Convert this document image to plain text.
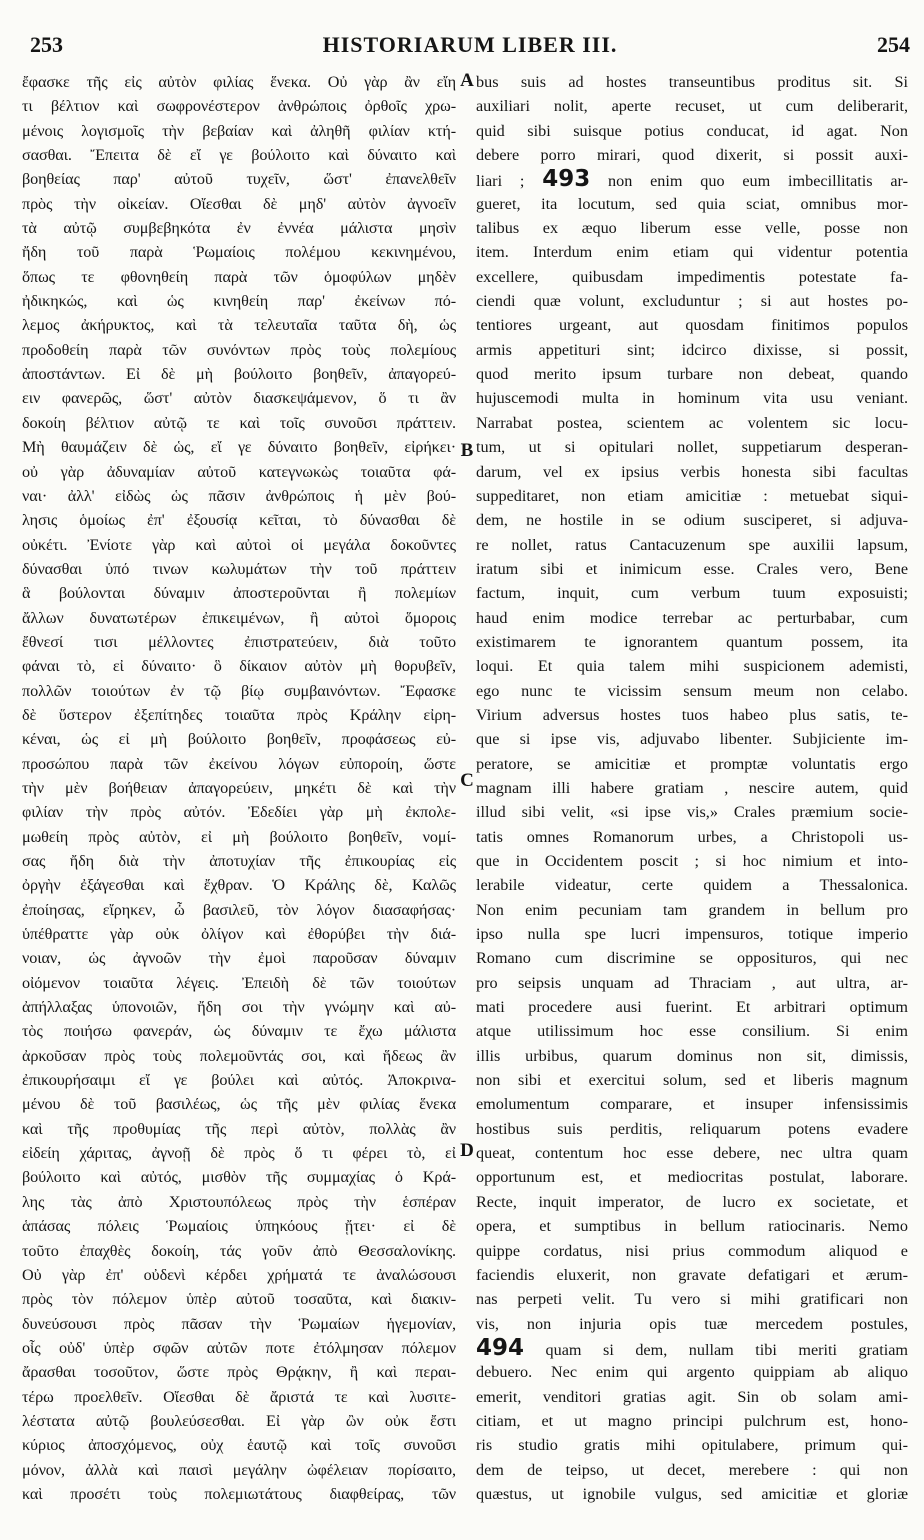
253	HISTORIARUM LIBER III.	254
ἔφασκε τῆς εἰς αὐτὸν φιλίας ἕνεκα. Οὐ γὰρ ἂν εἴη
τι βέλτιον καὶ σωφρονέστερον ἀνθρώποις ὀρθοῖς χρω-
μένοις λογισμοῖς τὴν βεβαίαν καὶ ἀληθῆ φιλίαν κτή-
σασθαι. Ἔπειτα δὲ εἴ γε βούλοιτο καὶ δύναιτο καὶ
βοηθείας παρ' αὐτοῦ τυχεῖν, ὥστ' ἐπανελθεῖν
πρὸς τὴν οἰκείαν. Οἴεσθαι δὲ μηδ' αὐτὸν ἀγνοεῖν
τὰ αὐτῷ συμβεβηκότα ἐν ἐννέα μάλιστα μησὶν
ἤδη τοῦ παρὰ Ῥωμαίοις πολέμου κεκινημένου,
ὅπως τε φθονηθείη παρὰ τῶν ὁμοφύλων μηδὲν
ἠδικηκώς, καὶ ὡς κινηθείη παρ' ἐκείνων πό-
λεμος ἀκήρυκτος, καὶ τὰ τελευταῖα ταῦτα δὴ, ὡς
προδοθείη παρὰ τῶν συνόντων πρὸς τοὺς πολεμίους
ἀποστάντων. Εἰ δὲ μὴ βούλοιτο βοηθεῖν, ἀπαγορεύ-
ειν φανερῶς, ὥστ' αὐτὸν διασκεψάμενον, ὅ τι ἂν
δοκοίη βέλτιον αὐτῷ τε καὶ τοῖς συνοῦσι πράττειν.
Μὴ θαυμάζειν δὲ ὡς, εἴ γε δύναιτο βοηθεῖν, εἰρήκει·
οὐ γὰρ ἀδυναμίαν αὐτοῦ κατεγνωκὼς τοιαῦτα φά-
ναι· ἀλλ' εἰδὼς ὡς πᾶσιν ἀνθρώποις ἡ μὲν βού-
λησις ὁμοίως ἐπ' ἐξουσίᾳ κεῖται, τὸ δύνασθαι δὲ
οὐκέτι. Ἐνίοτε γὰρ καὶ αὐτοὶ οἱ μεγάλα δοκοῦντες
δύνασθαι ὑπό τινων κωλυμάτων τὴν τοῦ πράττειν
ἃ βούλονται δύναμιν ἀποστεροῦνται ἢ πολεμίων
ἄλλων δυνατωτέρων ἐπικειμένων, ἢ αὐτοὶ ὅμοροις
ἔθνεσί τισι μέλλοντες ἐπιστρατεύειν, διὰ τοῦτο
φάναι τὸ, εἰ δύναιτο· ὃ δίκαιον αὐτὸν μὴ θορυβεῖν,
πολλῶν τοιούτων ἐν τῷ βίῳ συμβαινόντων. Ἔφασκε
δὲ ὕστερον ἐξεπίτηδες τοιαῦτα πρὸς Κράλην εἰρη-
κέναι, ὡς εἰ μὴ βούλοιτο βοηθεῖν, προφάσεως εὐ-
προσώπου παρὰ τῶν ἐκείνου λόγων εὐποροίη, ὥστε
τὴν μὲν βοήθειαν ἀπαγορεύειν, μηκέτι δὲ καὶ τὴν
φιλίαν τὴν πρὸς αὐτόν. Ἐδεδίει γὰρ μὴ ἐκπολε-
μωθείη πρὸς αὐτὸν, εἰ μὴ βούλοιτο βοηθεῖν, νομί-
σας ἤδη διὰ τὴν ἀποτυχίαν τῆς ἐπικουρίας εἰς
ὀργὴν ἐξάγεσθαι καὶ ἔχθραν. Ὁ Κράλης δὲ, Καλῶς
ἐποίησας, εἴρηκεν, ὦ βασιλεῦ, τὸν λόγον διασαφήσας·
ὑπέθραττε γὰρ οὐκ ὀλίγον καὶ ἐθορύβει τὴν διά-
νοιαν, ὡς ἀγνοῶν τὴν ἐμοὶ παροῦσαν δύναμιν
οἰόμενον τοιαῦτα λέγεις. Ἐπειδὴ δὲ τῶν τοιούτων
ἀπήλλαξας ὑπονοιῶν, ἤδη σοι τὴν γνώμην καὶ αὐ-
τὸς ποιήσω φανεράν, ὡς δύναμιν τε ἔχω μάλιστα
ἀρκοῦσαν πρὸς τοὺς πολεμοῦντάς σοι, καὶ ἥδεως ἂν
ἐπικουρήσαιμι εἴ γε βούλει καὶ αὐτός. Ἀποκρινα-
μένου δὲ τοῦ βασιλέως, ὡς τῆς μὲν φιλίας ἕνεκα
καὶ τῆς προθυμίας τῆς περὶ αὐτὸν, πολλὰς ἂν
εἰδείη χάριτας, ἀγνοῇ δὲ πρὸς ὅ τι φέρει τὸ, εἰ
βούλοιτο καὶ αὐτός, μισθὸν τῆς συμμαχίας ὁ Κρά-
λης τὰς ἀπὸ Χριστουπόλεως πρὸς τὴν ἑσπέραν
ἁπάσας πόλεις Ῥωμαίοις ὑπηκόους ᾔτει· εἰ δὲ
τοῦτο ἐπαχθὲς δοκοίη, τάς γοῦν ἀπὸ Θεσσαλονίκης.
Οὐ γὰρ ἐπ' οὐδενὶ κέρδει χρήματά τε ἀναλώσουσι
πρὸς τὸν πόλεμον ὑπὲρ αὐτοῦ τοσαῦτα, καὶ διακιν-
δυνεύσουσι πρὸς πᾶσαν τὴν Ῥωμαίων ἡγεμονίαν,
οἷς οὐδ' ὑπὲρ σφῶν αὐτῶν ποτε ἐτόλμησαν πόλεμον
ἄρασθαι τοσοῦτον, ὥστε πρὸς Θρᾴκην, ἢ καὶ περαι-
τέρω προελθεῖν. Οἴεσθαι δὲ ἄριστά τε καὶ λυσιτε-
λέστατα αὐτῷ βουλεύσεσθαι. Εἰ γὰρ ὢν οὐκ ἔστι
κύριος ἀποσχόμενος, οὐχ ἑαυτῷ καὶ τοῖς συνοῦσι
μόνον, ἀλλὰ καὶ παισὶ μεγάλην ὠφέλειαν πορίσαιτο,
καὶ προσέτι τοὺς πολεμιωτάτους διαφθείρας, τῶν
bus suis ad hostes transeuntibus proditus sit. Si
auxiliari nolit, aperte recuset, ut cum deliberarit,
quid sibi suisque potius conducat, id agat. Non
debere porro mirari, quod dixerit, si possit auxi-
liari ; 493 non enim quo eum imbecillitatis ar-
gueret, ita locutum, sed quia sciat, omnibus mor-
talibus ex æquo liberum esse velle, posse non
item. Interdum enim etiam qui videntur potentia
excellere, quibusdam impedimentis potestate fa-
ciendi quæ volunt, excluduntur ; si aut hostes po-
tentiores urgeant, aut quosdam finitimos populos
armis appetituri sint; idcirco dixisse, si possit,
quod merito ipsum turbare non debeat, quando
hujuscemodi multa in hominum vita usu veniant.
Narrabat postea, scientem ac volentem sic locu-
tum, ut si opitulari nollet, suppetiarum desperan-
darum, vel ex ipsius verbis honesta sibi facultas
suppeditaret, non etiam amicitiæ : metuebat siqui-
dem, ne hostile in se odium susciperet, si adjuva-
re nollet, ratus Cantacuzenum spe auxilii lapsum,
iratum sibi et inimicum esse. Crales vero, Bene
factum, inquit, cum verbum tuum exposuisti;
haud enim modice terrebar ac perturbabar, cum
existimarem te ignorantem quantum possem, ita
loqui. Et quia talem mihi suspicionem ademisti,
ego nunc te vicissim sensum meum non celabo.
Virium adversus hostes tuos habeo plus satis, te-
que si ipse vis, adjuvabo libenter. Subjiciente im-
peratore, se amicitiæ et promptæ voluntatis ergo
magnam illi habere gratiam , nescire autem, quid
illud sibi velit, «si ipse vis,» Crales præmium socie-
tatis omnes Romanorum urbes, a Christopoli us-
que in Occidentem poscit ; si hoc nimium et into-
lerabile videatur, certe quidem a Thessalonica.
Non enim pecuniam tam grandem in bellum pro
ipso nulla spe lucri impensuros, totique imperio
Romano cum discrimine se opposituros, qui nec
pro seipsis unquam ad Thraciam , aut ultra, ar-
mati procedere ausi fuerint. Et arbitrari optimum
atque utilissimum hoc esse consilium. Si enim
illis urbibus, quarum dominus non sit, dimissis,
non sibi et exercitui solum, sed et liberis magnum
emolumentum comparare, et insuper infensissimis
hostibus suis perditis, reliquarum potens evadere
queat, contentum hoc esse debere, nec ultra quam
opportunum est, et mediocritas postulat, laborare.
Recte, inquit imperator, de lucro ex societate, et
opera, et sumptibus in bellum ratiocinaris. Nemo
quippe cordatus, nisi prius commodum aliquod e
faciendis eluxerit, non gravate defatigari et ærum-
nas perpeti velit. Tu vero si mihi gratificari non
vis, non injuria opis tuæ mercedem postules,
494 quam si dem, nullam tibi meriti gratiam
debuero. Nec enim qui argento quippiam ab aliquo
emerit, venditori gratias agit. Sin ob solam ami-
citiam, et ut magno principi pulchrum est, hono-
ris studio gratis mihi opitulabere, primum qui-
dem de teipso, ut decet, merebere : qui non
quæstus, ut ignobile vulgus, sed amicitiæ et gloriæ
A
B
C
D
